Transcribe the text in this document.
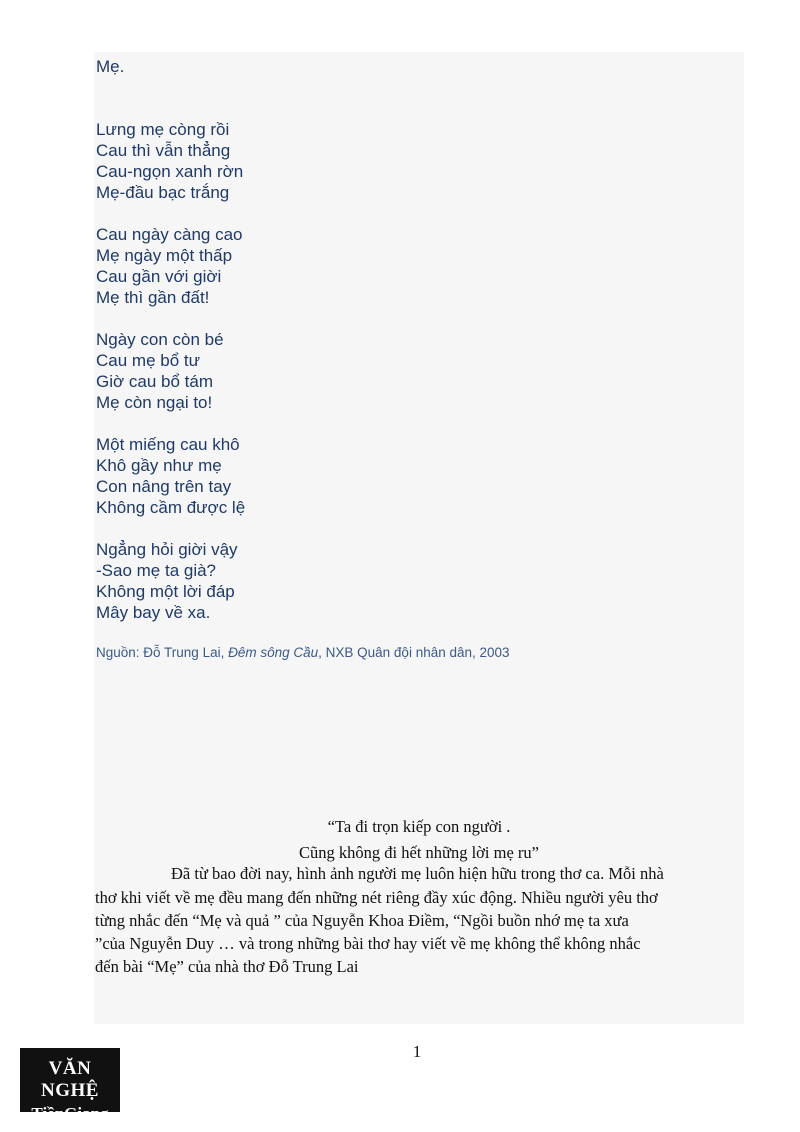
Mẹ.
Lưng mẹ còng rồi
Cau thì vẫn thẳng
Cau-ngọn xanh rờn
Mẹ-đầu bạc trắng
Cau ngày càng cao
Mẹ ngày một thấp
Cau gần với giời
Mẹ thì gần đất!
Ngày con còn bé
Cau mẹ bổ tư
Giờ cau bổ tám
Mẹ còn ngại to!
Một miếng cau khô
Khô gầy như mẹ
Con nâng trên tay
Không cầm được lệ
Ngẳng hỏi giời vậy
-Sao mẹ ta già?
Không một lời đáp
Mây bay về xa.
Nguồn: Đỗ Trung Lai, Đêm sông Cầu, NXB Quân đội nhân dân, 2003
“Ta đi trọn kiếp con người .
Cũng không đi hết những lời mẹ ru”
Đã từ bao đời nay, hình ảnh người mẹ luôn hiện hữu trong thơ ca. Mỗi nhà
thơ khi viết về mẹ đều mang đến những nét riêng đầy xúc động. Nhiều người yêu thơ
từng nhắc đến “Mẹ và quả ” của Nguyễn Khoa Điềm, “Ngồi buồn nhớ mẹ ta xưa
”của Nguyễn Duy … và trong những bài thơ hay viết về mẹ không thể không nhắc
đến bài “Mẹ” của nhà thơ Đỗ Trung Lai
1
VĂN NGHỆ
TiềnGiang
